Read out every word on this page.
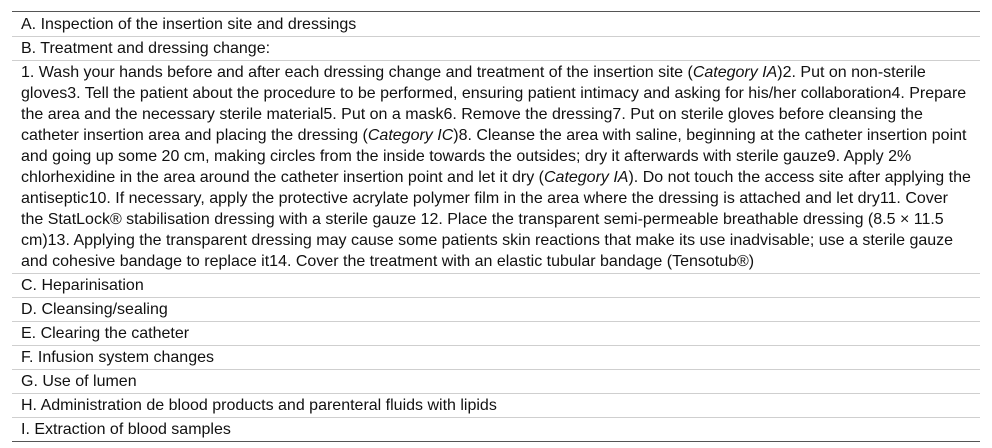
A. Inspection of the insertion site and dressings
B. Treatment and dressing change:
1. Wash your hands before and after each dressing change and treatment of the insertion site (Category IA)2. Put on non-sterile gloves3. Tell the patient about the procedure to be performed, ensuring patient intimacy and asking for his/her collaboration4. Prepare the area and the necessary sterile material5. Put on a mask6. Remove the dressing7. Put on sterile gloves before cleansing the catheter insertion area and placing the dressing (Category IC)8. Cleanse the area with saline, beginning at the catheter insertion point and going up some 20 cm, making circles from the inside towards the outsides; dry it afterwards with sterile gauze9. Apply 2% chlorhexidine in the area around the catheter insertion point and let it dry (Category IA). Do not touch the access site after applying the antiseptic10. If necessary, apply the protective acrylate polymer film in the area where the dressing is attached and let dry11. Cover the StatLock® stabilisation dressing with a sterile gauze 12. Place the transparent semi-permeable breathable dressing (8.5 × 11.5 cm)13. Applying the transparent dressing may cause some patients skin reactions that make its use inadvisable; use a sterile gauze and cohesive bandage to replace it14. Cover the treatment with an elastic tubular bandage (Tensotub®)
C. Heparinisation
D. Cleansing/sealing
E. Clearing the catheter
F. Infusion system changes
G. Use of lumen
H. Administration de blood products and parenteral fluids with lipids
I. Extraction of blood samples
